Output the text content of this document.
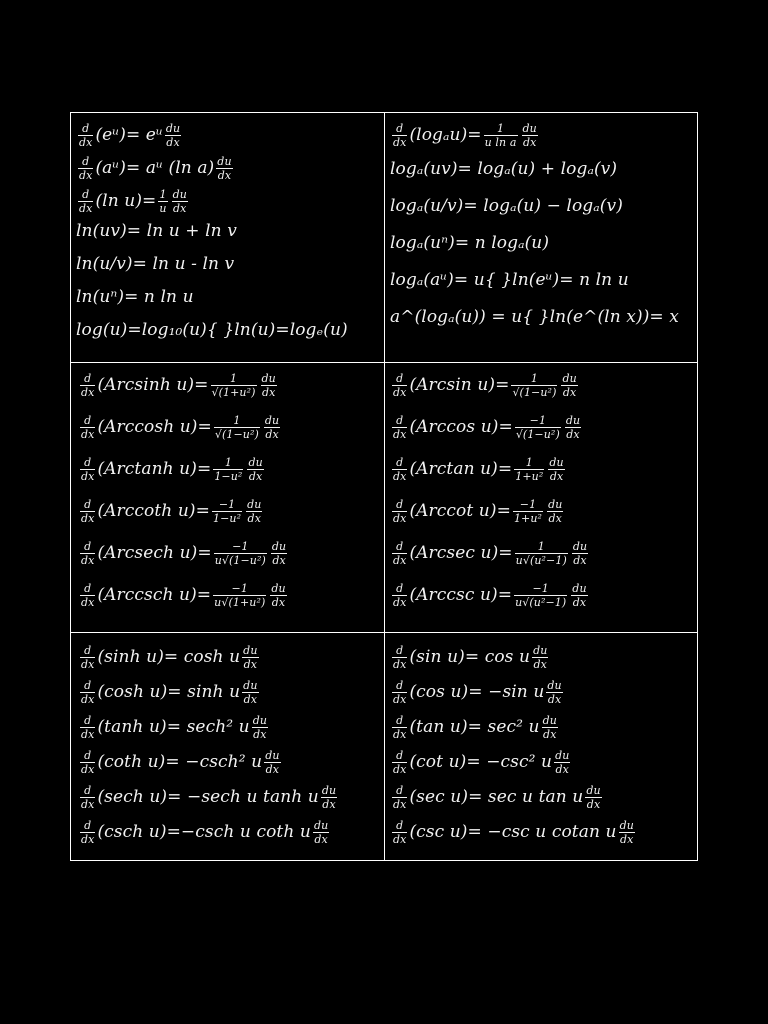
$\frac{d}{dx}$ (eᵘ)= eᵘ $\frac{du}{dx}$
$\frac{d}{dx}$ (aᵘ)= aᵘ (ln $a) \frac{du}{dx}$
$\frac{d}{dx} (\ln$ $u)= \frac{1}{u} \frac{du}{dx}$
ln(uv)= ln u + ln v
ln(u/v)= ln u - ln v
ln(uⁿ)= n ln u
log(u)=log₁₀(u){ }ln(u)=logₑ(u)
$\frac{d}{dx} (\log_au)= \frac{1}{\text{u ln a}} \frac{du}{dx}$
logₐ(uv)= logₐ(u) + logₐ(v)
logₐ(u/v)= logₐ(u) − logₐ(v)
logₐ(uⁿ)= n logₐ(u)
logₐ(aᵘ)= u{ }ln(eᵘ)= n ln u
a^(logₐ(u)) = u{ }ln(e^(ln x))= x
$\frac{d}{dx} (Arcsinh$ $u)= \frac{1}{\text{√(1+u²)}} \frac{du}{dx}$
$\frac{d}{dx} (Arccosh$ $u)= \frac{1}{\text{√(1−u²)}} \frac{du}{dx}$
$\frac{d}{dx} (Arctanh$ $u)= \frac{1}{\text{1−u²}} \frac{du}{dx}$
$\frac{d}{dx} (Arccoth$ $u)= \frac{-1}{\text{1−u²}} \frac{du}{dx}$
$\frac{d}{dx} (Arcsech$ $u)= \frac{-1}{\text{u√(1−u²)}} \frac{du}{dx}$
$\frac{d}{dx} (Arccsch$ $u)= \frac{-1}{\text{u√(1+u²)}} \frac{du}{dx}$
$\frac{d}{dx} (Arcsin$ $u)= \frac{1}{\text{√(1−u²)}} \frac{du}{dx}$
$\frac{d}{dx} (Arccos$ $u)= \frac{-1}{\text{√(1−u²)}} \frac{du}{dx}$
$\frac{d}{dx} (Arctan$ $u)= \frac{1}{\text{1+u²}} \frac{du}{dx}$
$\frac{d}{dx} (Arccot$ $u)= \frac{-1}{\text{1+u²}} \frac{du}{dx}$
$\frac{d}{dx} (Arcsec$ $u)= \frac{1}{\text{u√(u²−1)}} \frac{du}{dx}$
$\frac{d}{dx} (Arccsc$ $u)= \frac{-1}{\text{u√(u²−1)}} \frac{du}{dx}$
$\frac{d}{dx} (\sinh$ u)= cosh u $\frac{du}{dx}$
$\frac{d}{dx} (\cosh$ u)= sinh u $\frac{du}{dx}$
$\frac{d}{dx} (\tanh$ u)= sech² u $\frac{du}{dx}$
$\frac{d}{dx} (\cot h$ u)= −csch² u $\frac{du}{dx}$
$\frac{d}{dx} (\sec h$ u)= −sech u tanh u $\frac{du}{dx}$
$\frac{d}{dx} (\csc h$ u)=−csch u coth u $\frac{du}{dx}$
$\frac{d}{dx} (\sin$ u)= cos u $\frac{du}{dx}$
$\frac{d}{dx} (\cos$ u)= −sin u $\frac{du}{dx}$
$\frac{d}{dx} (\tan$ u)= sec² u $\frac{du}{dx}$
$\frac{d}{dx} (\cot$ u)= −csc² u $\frac{du}{dx}$
$\frac{d}{dx} (\sec$ u)= sec u tan u $\frac{du}{dx}$
$\frac{d}{dx} (\csc$ u)= −csc u cotan u $\frac{du}{dx}$
